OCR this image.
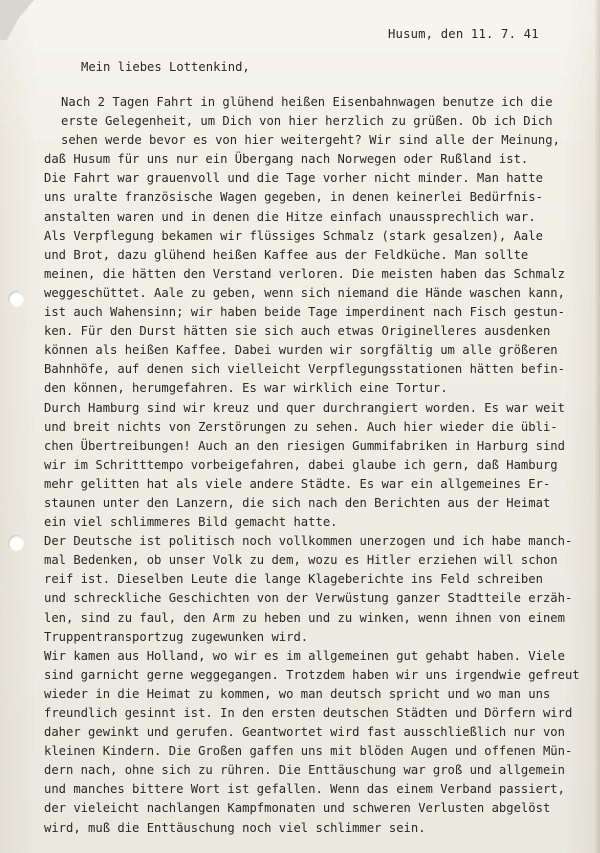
Husum, den 11. 7. 41
Mein liebes Lottenkind,
Nach 2 Tagen Fahrt in glühend heißen Eisenbahnwagen benutze ich die
erste Gelegenheit, um Dich von hier herzlich zu grüßen. Ob ich Dich
sehen werde bevor es von hier weitergeht? Wir sind alle der Meinung,
daß Husum für uns nur ein Übergang nach Norwegen oder Rußland ist.
Die Fahrt war grauenvoll und die Tage vorher nicht minder. Man hatte
uns uralte französische Wagen gegeben, in denen keinerlei Bedürfnis-
anstalten waren und in denen die Hitze einfach unaussprechlich war.
Als Verpflegung bekamen wir flüssiges Schmalz (stark gesalzen), Aale
und Brot, dazu glühend heißen Kaffee aus der Feldküche. Man sollte
meinen, die hätten den Verstand verloren. Die meisten haben das Schmalz
weggeschüttet. Aale zu geben, wenn sich niemand die Hände waschen kann,
ist auch Wahensinn; wir haben beide Tage imperdinent nach Fisch gestun-
ken. Für den Durst hätten sie sich auch etwas Originelleres ausdenken
können als heißen Kaffee. Dabei wurden wir sorgfältig um alle größeren
Bahnhöfe, auf denen sich vielleicht Verpflegungsstationen hätten befin-
den können, herumgefahren. Es war wirklich eine Tortur.
Durch Hamburg sind wir kreuz und quer durchrangiert worden. Es war weit
und breit nichts von Zerstörungen zu sehen. Auch hier wieder die übli-
chen Übertreibungen! Auch an den riesigen Gummifabriken in Harburg sind
wir im Schritttempo vorbeigefahren, dabei glaube ich gern, daß Hamburg
mehr gelitten hat als viele andere Städte. Es war ein allgemeines Er-
staunen unter den Lanzern, die sich nach den Berichten aus der Heimat
ein viel schlimmeres Bild gemacht hatte.
Der Deutsche ist politisch noch vollkommen unerzogen und ich habe manch-
mal Bedenken, ob unser Volk zu dem, wozu es Hitler erziehen will schon
reif ist. Dieselben Leute die lange Klageberichte ins Feld schreiben
und schreckliche Geschichten von der Verwüstung ganzer Stadtteile erzäh-
len, sind zu faul, den Arm zu heben und zu winken, wenn ihnen von einem
Truppentransportzug zugewunken wird.
Wir kamen aus Holland, wo wir es im allgemeinen gut gehabt haben. Viele
sind garnicht gerne weggegangen. Trotzdem haben wir uns irgendwie gefreut
wieder in die Heimat zu kommen, wo man deutsch spricht und wo man uns
freundlich gesinnt ist. In den ersten deutschen Städten und Dörfern wird
daher gewinkt und gerufen. Geantwortet wird fast ausschließlich nur von
kleinen Kindern. Die Großen gaffen uns mit blöden Augen und offenen Mün-
dern nach, ohne sich zu rühren. Die Enttäuschung war groß und allgemein
und manches bittere Wort ist gefallen. Wenn das einem Verband passiert,
der vieleicht nachlangen Kampfmonaten und schweren Verlusten abgelöst
wird, muß die Enttäuschung noch viel schlimmer sein.
